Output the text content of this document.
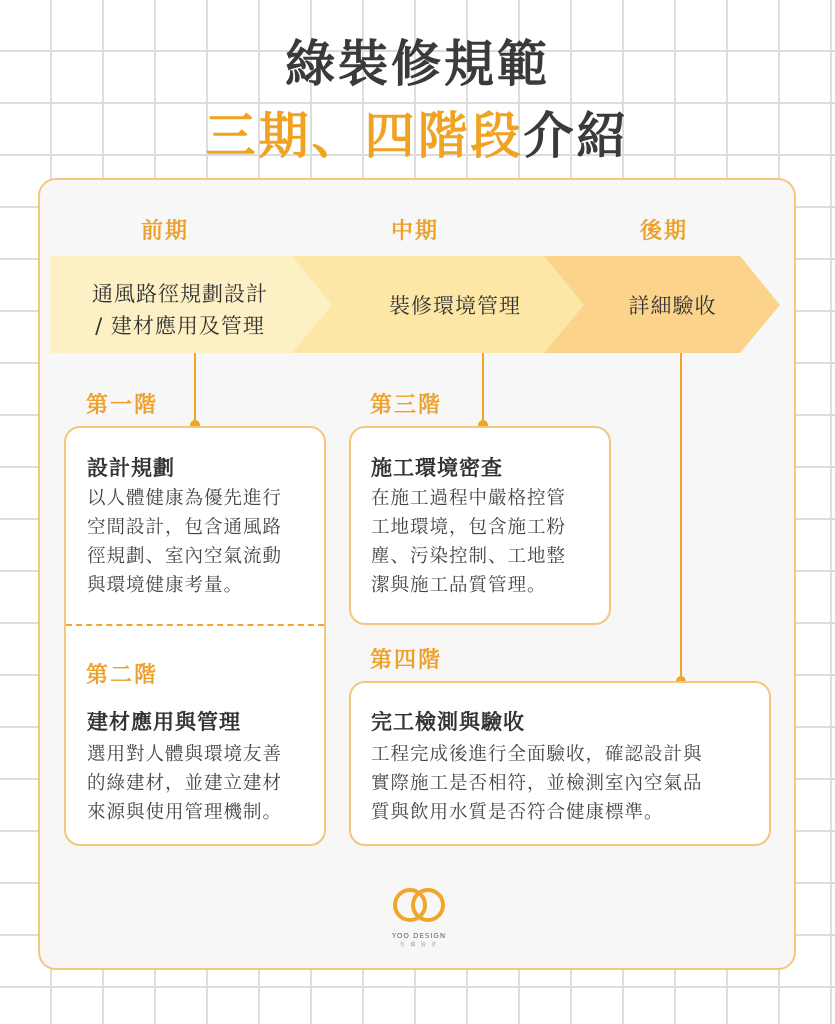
綠裝修規範
三期、四階段介紹
前期	中期	後期
通風路徑規劃設計
/ 建材應用及管理
裝修環境管理	詳細驗收
第一階	第三階
第四階
設計規劃
以人體健康為優先進行
空間設計，包含通風路
徑規劃、室內空氣流動
與環境健康考量。
第二階
建材應用與管理
選用對人體與環境友善
的綠建材，並建立建材
來源與使用管理機制。
施工環境密查
在施工過程中嚴格控管
工地環境，包含施工粉
塵、污染控制、工地整
潔與施工品質管理。
完工檢測與驗收
工程完成後進行全面驗收，確認設計與
實際施工是否相符，並檢測室內空氣品
質與飲用水質是否符合健康標準。
YOO DESIGN
有 偶 設 計
